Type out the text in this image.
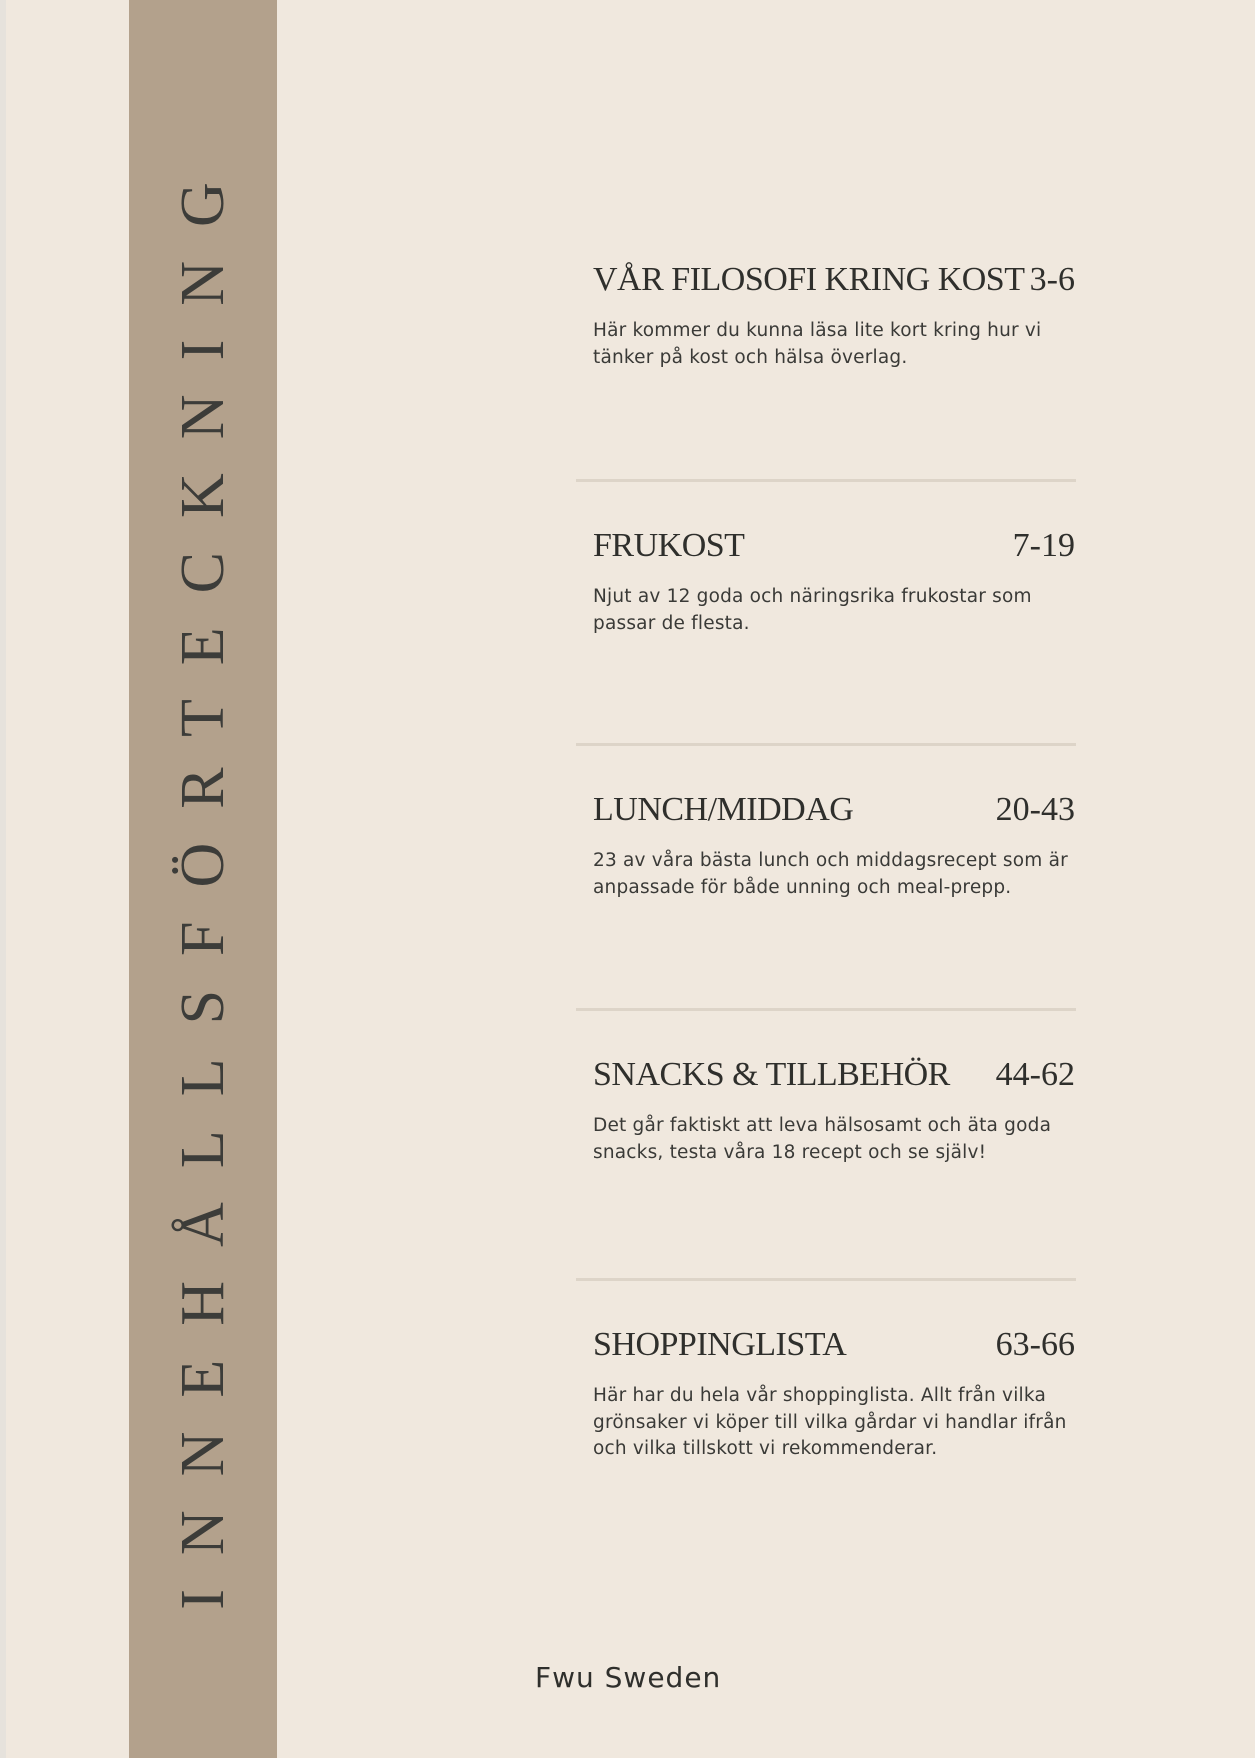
INNEHÅLLSFÖRTECKNING	VÅR FILOSOFI KRING KOST 3-6
Här kommer du kunna läsa lite kort kring hur vi tänker på kost och hälsa överlag.
FRUKOST	7-19
Njut av 12 goda och näringsrika frukostar som passar de flesta.
LUNCH/MIDDAG	20-43
23 av våra bästa lunch och middagsrecept som är anpassade för både unning och meal-prepp.
SNACKS & TILLBEHÖR 44-62
Det går faktiskt att leva hälsosamt och äta goda snacks, testa våra 18 recept och se själv!
SHOPPINGLISTA	63-66
Här har du hela vår shoppinglista. Allt från vilka grönsaker vi köper till vilka gårdar vi handlar ifrån och vilka tillskott vi rekommenderar.
Fwu Sweden
